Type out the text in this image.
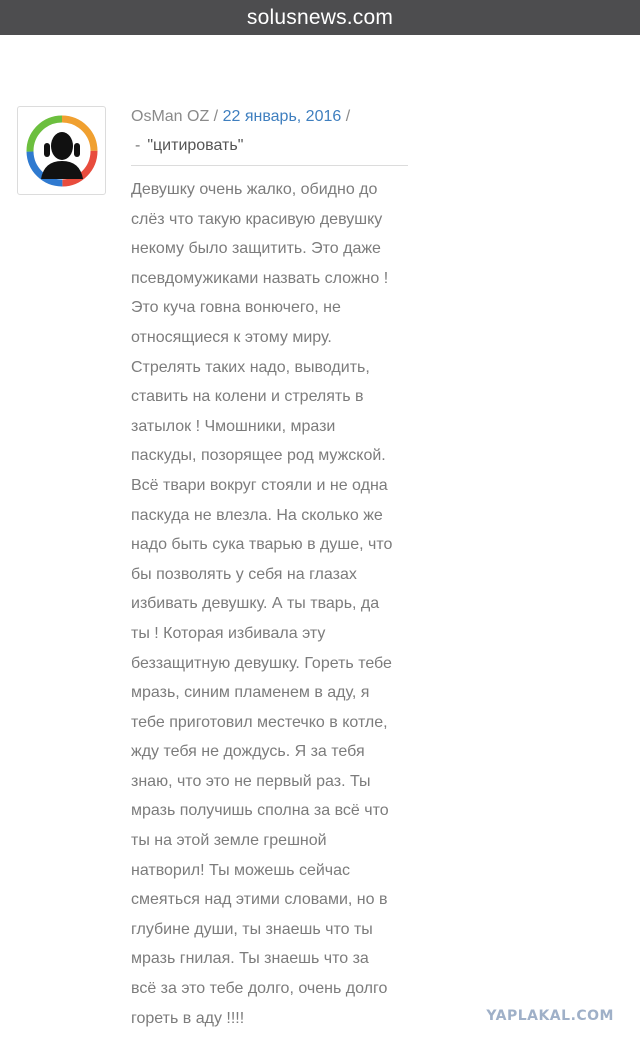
solusnews.com
OsMan OZ / 22 январь, 2016 /
- "цитировать"
Девушку очень жалко, обидно до
слёз что такую красивую девушку
некому было защитить. Это даже
псевдомужиками назвать сложно !
Это куча говна вонючего, не
относящиеся к этому миру.
Стрелять таких надо, выводить,
ставить на колени и стрелять в
затылок ! Чмошники, мрази
паскуды, позорящее род мужской.
Всё твари вокруг стояли и не одна
паскуда не влезла. На сколько же
надо быть сука тварью в душе, что
бы позволять у себя на глазах
избивать девушку. А ты тварь, да
ты ! Которая избивала эту
беззащитную девушку. Гореть тебе
мразь, синим пламенем в аду, я
тебе приготовил местечко в котле,
жду тебя не дождусь. Я за тебя
знаю, что это не первый раз. Ты
мразь получишь сполна за всё что
ты на этой земле грешной
натворил! Ты можешь сейчас
смеяться над этими словами, но в
глубине души, ты знаешь что ты
мразь гнилая. Ты знаешь что за
всё за это тебе долго, очень долго
гореть в аду !!!!	YAPLAKAL.COM
